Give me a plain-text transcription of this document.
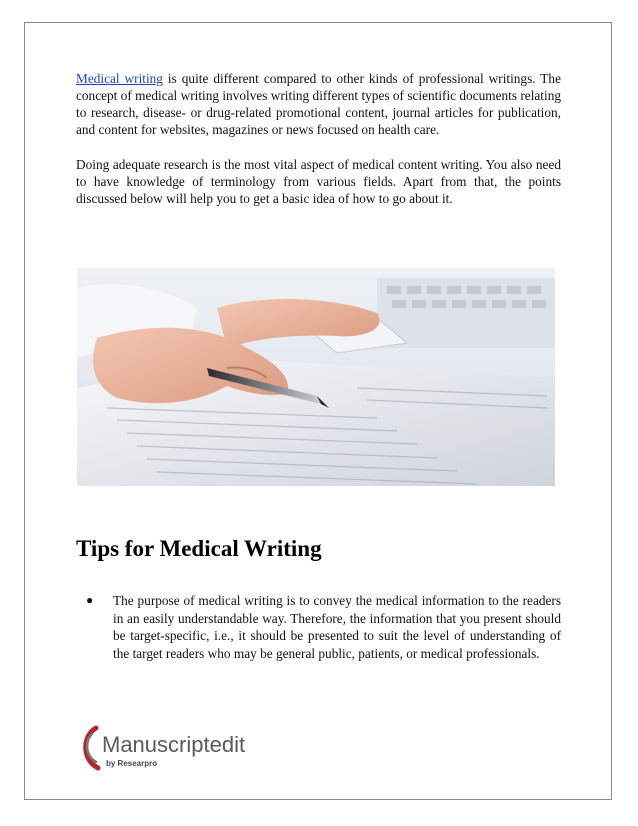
Medical writing is quite different compared to other kinds of professional writings. The concept of medical writing involves writing different types of scientific documents relating to research, disease- or drug-related promotional content, journal articles for publication, and content for websites, magazines or news focused on health care.

Doing adequate research is the most vital aspect of medical content writing. You also need to have knowledge of terminology from various fields. Apart from that, the points discussed below will help you to get a basic idea of how to go about it.

Tips for Medical Writing
● The purpose of medical writing is to convey the medical information to the readers in an easily understandable way. Therefore, the information that you present should be target-specific, i.e., it should be presented to suit the level of understanding of the target readers who may be general public, patients, or medical professionals.
Manuscriptedit
by Researpro
